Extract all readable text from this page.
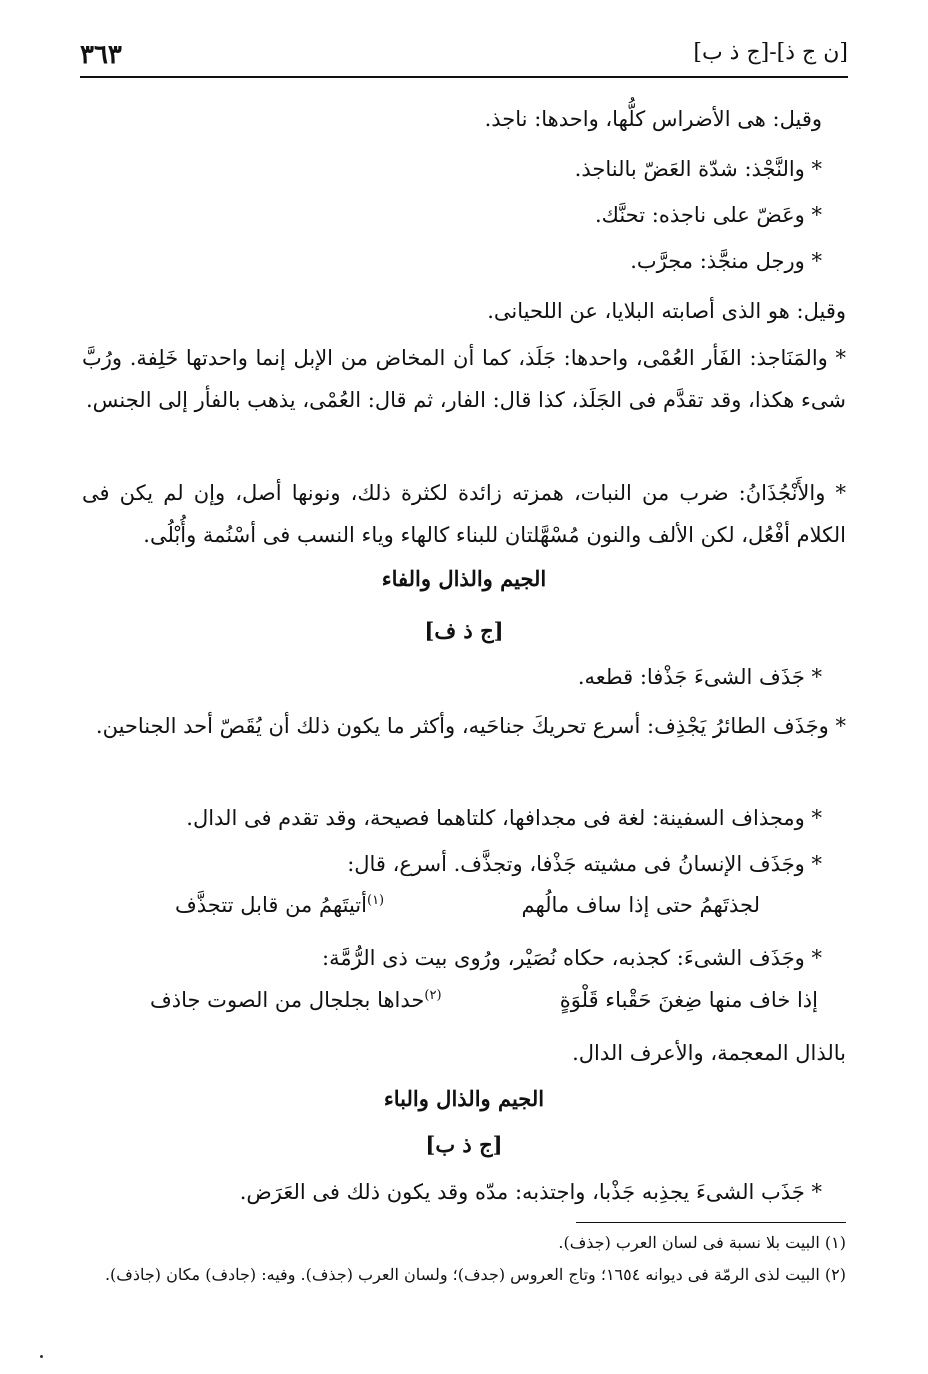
[ن ج ذ]-[ج ذ ب]
٣٦٣

وقيل: هى الأضراس كلُّها، واحدها: ناجذ.

* والنَّجْذ: شدّة العَضّ بالناجذ.

* وعَضّ على ناجذه: تحنَّك.

* ورجل منجَّذ: مجرَّب.

وقيل: هو الذى أصابته البلايا، عن اللحيانى.

* والمَنَاجذ: الفَأر العُمْى، واحدها: جَلَذ، كما أن المخاض من الإبل إنما واحدتها خَلِفة. ورُبَّ شىء هكذا، وقد تقدَّم فى الجَلَذ، كذا قال: الفار، ثم قال: العُمْى، يذهب بالفأر إلى الجنس.

* والأَنْجُذَانُ: ضرب من النبات، همزته زائدة لكثرة ذلك، ونونها أصل، وإن لم يكن فى الكلام أفْعُل، لكن الألف والنون مُسْهَّلتان للبناء كالهاء وياء النسب فى أسْنُمة وأُبْلُى.

الجيم والذال والفاء
[ج ذ ف]

* جَذَف الشىءَ جَذْفا: قطعه.

* وجَذَف الطائرُ يَجْذِف: أسرع تحريكَ جناحَيه، وأكثر ما يكون ذلك أن يُقَصّ أحد الجناحين.

* ومجذاف السفينة: لغة فى مجدافها، كلتاهما فصيحة، وقد تقدم فى الدال.

* وجَذَف الإنسانُ فى مشيته جَذْفا، وتجذَّف. أسرع، قال:

لجذتَهمُ حتى إذا ساف مالُهم
$^{(١)}$أتيتَهمُ من قابل تتجذَّف

* وجَذَف الشىءَ: كجذبه، حكاه نُصَيْر، ورُوى بيت ذى الرُّمَّة:

إذا خاف منها ضِغنَ حَقْباء قَلْوَةٍ
$^{(٢)}$حداها بجلجال من الصوت جاذف

بالذال المعجمة، والأعرف الدال.

الجيم والذال والباء
[ج ذ ب]

* جَذَب الشىءَ يجذِبه جَذْبا، واجتذبه: مدّه وقد يكون ذلك فى العَرَض.

(١) البيت بلا نسبة فى لسان العرب (جذف).

(٢) البيت لذى الرمّة فى ديوانه ١٦٥٤؛ وتاج العروس (جدف)؛ ولسان العرب (جذف). وفيه: (جادف) مكان (جاذف).
